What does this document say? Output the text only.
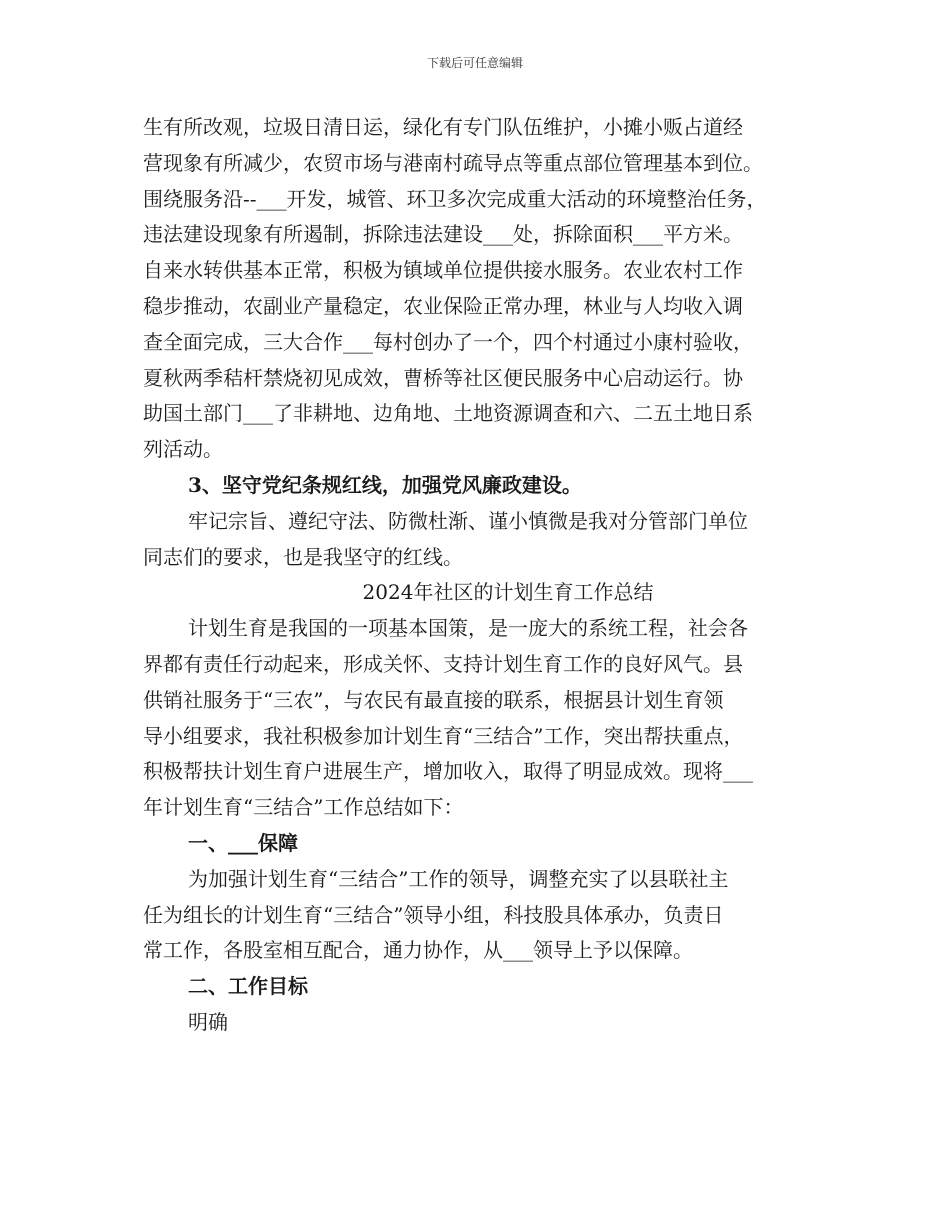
下载后可任意编辑
生有所改观，垃圾日清日运，绿化有专门队伍维护，小摊小贩占道经
营现象有所减少，农贸市场与港南村疏导点等重点部位管理基本到位。
围绕服务沿--___开发，城管、环卫多次完成重大活动的环境整治任务，
违法建设现象有所遏制，拆除违法建设___处，拆除面积___平方米。
自来水转供基本正常，积极为镇域单位提供接水服务。农业农村工作
稳步推动，农副业产量稳定，农业保险正常办理，林业与人均收入调
查全面完成，三大合作___每村创办了一个，四个村通过小康村验收，
夏秋两季秸杆禁烧初见成效，曹桥等社区便民服务中心启动运行。协
助国土部门___了非耕地、边角地、土地资源调查和六、二五土地日系
列活动。
3、坚守党纪条规红线，加强党风廉政建设。
牢记宗旨、遵纪守法、防微杜渐、谨小慎微是我对分管部门单位
同志们的要求，也是我坚守的红线。
2024年社区的计划生育工作总结
计划生育是我国的一项基本国策，是一庞大的系统工程，社会各
界都有责任行动起来，形成关怀、支持计划生育工作的良好风气。县
供销社服务于“三农”，与农民有最直接的联系，根据县计划生育领
导小组要求，我社积极参加计划生育“三结合”工作，突出帮扶重点，
积极帮扶计划生育户进展生产，增加收入，取得了明显成效。现将___
年计划生育“三结合”工作总结如下：
一、___保障
为加强计划生育“三结合”工作的领导，调整充实了以县联社主
任为组长的计划生育“三结合”领导小组，科技股具体承办，负责日
常工作，各股室相互配合，通力协作，从___领导上予以保障。
二、工作目标
明确
